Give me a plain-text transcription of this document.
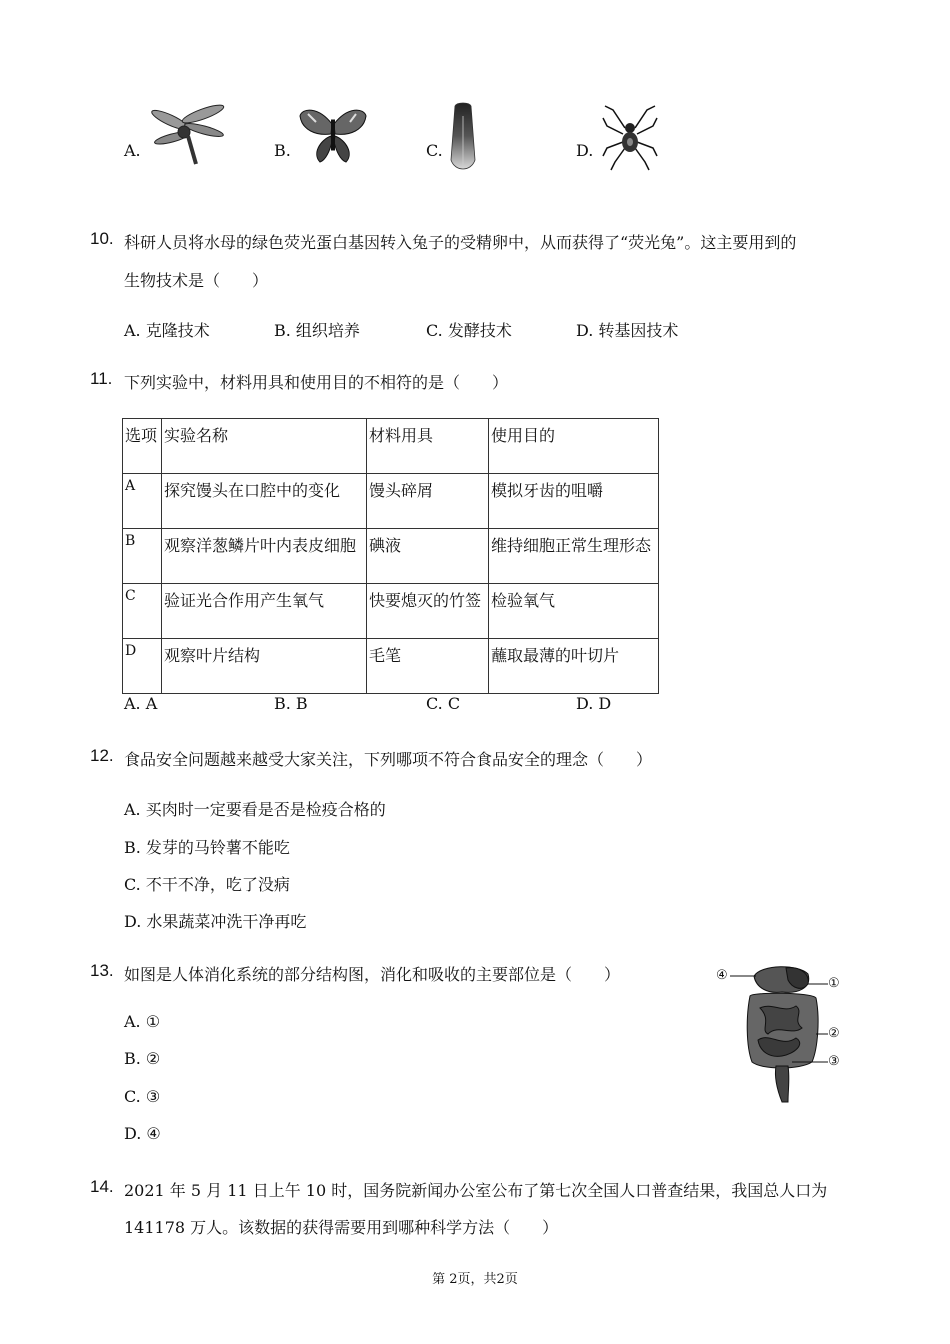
A.	B.	C.	D.
10. 科研人员将水母的绿色荧光蛋白基因转入兔子的受精卵中，从而获得了“荧光兔”。这主要用到的
生物技术是（　　）
A. 克隆技术	B. 组织培养	C. 发酵技术	D. 转基因技术
11. 下列实验中，材料用具和使用目的不相符的是（　　）
选项	实验名称	材料用具	使用目的
A	探究馒头在口腔中的变化	馒头碎屑	模拟牙齿的咀嚼
B	观察洋葱鳞片叶内表皮细胞	碘液	维持细胞正常生理形态
C	验证光合作用产生氧气	快要熄灭的竹签	检验氧气
D	观察叶片结构	毛笔	蘸取最薄的叶切片
A. A	B. B	C. C	D. D
12. 食品安全问题越来越受大家关注，下列哪项不符合食品安全的理念（　　）
A. 买肉时一定要看是否是检疫合格的
B. 发芽的马铃薯不能吃
C. 不干不净，吃了没病
D. 水果蔬菜冲洗干净再吃
13. 如图是人体消化系统的部分结构图，消化和吸收的主要部位是（　　）
A. ①
B. ②
C. ③
D. ④
④
①
②
③
14. 2021 年 5 月 11 日上午 10 时，国务院新闻办公室公布了第七次全国人口普查结果，我国总人口为
141178 万人。该数据的获得需要用到哪种科学方法（　　）
第 2页，共2页
